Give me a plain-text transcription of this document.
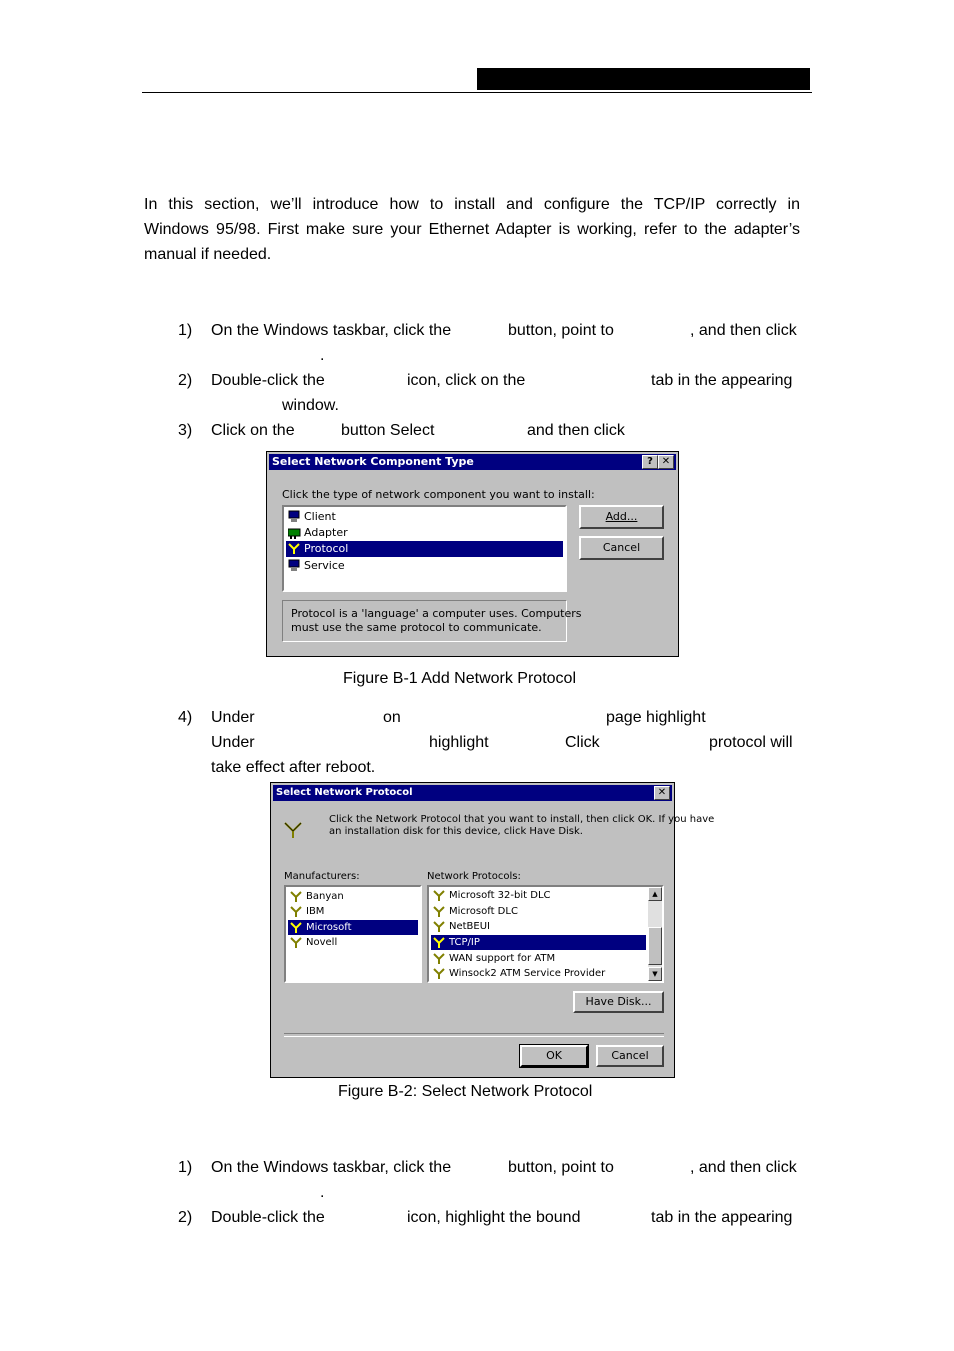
In this section, we’ll introduce how to install and configure the TCP/IP correctly in
Windows 95/98. First make sure your Ethernet Adapter is working, refer to the adapter’s
manual if needed.
1) On the Windows taskbar, click the	button, point to	, and then click
.
2) Double-click the	icon, click on the	tab in the appearing
window.
3) Click on the	button Select	and then click
Select Network Component Type	? ✕
Click the type of network component you want to install:
Client
Adapter
Protocol
Service
Add...
Cancel
Protocol is a 'language' a computer uses. Computers
must use the same protocol to communicate.
Figure B-1 Add Network Protocol
4) Under	on	page highlight
Under	highlight	Click	protocol will
take effect after reboot.
Select Network Protocol	✕
Click the Network Protocol that you want to install, then click OK. If you have
an installation disk for this device, click Have Disk.
Manufacturers:	Network Protocols:
Banyan
IBM
Microsoft
Novell
Microsoft 32-bit DLC
Microsoft DLC
NetBEUI
TCP/IP
WAN support for ATM
Winsock2 ATM Service Provider
▲
▼
Have Disk...
OK	Cancel
Figure B-2: Select Network Protocol
1) On the Windows taskbar, click the	button, point to	, and then click
.
2) Double-click the	icon, highlight the bound	tab in the appearing
